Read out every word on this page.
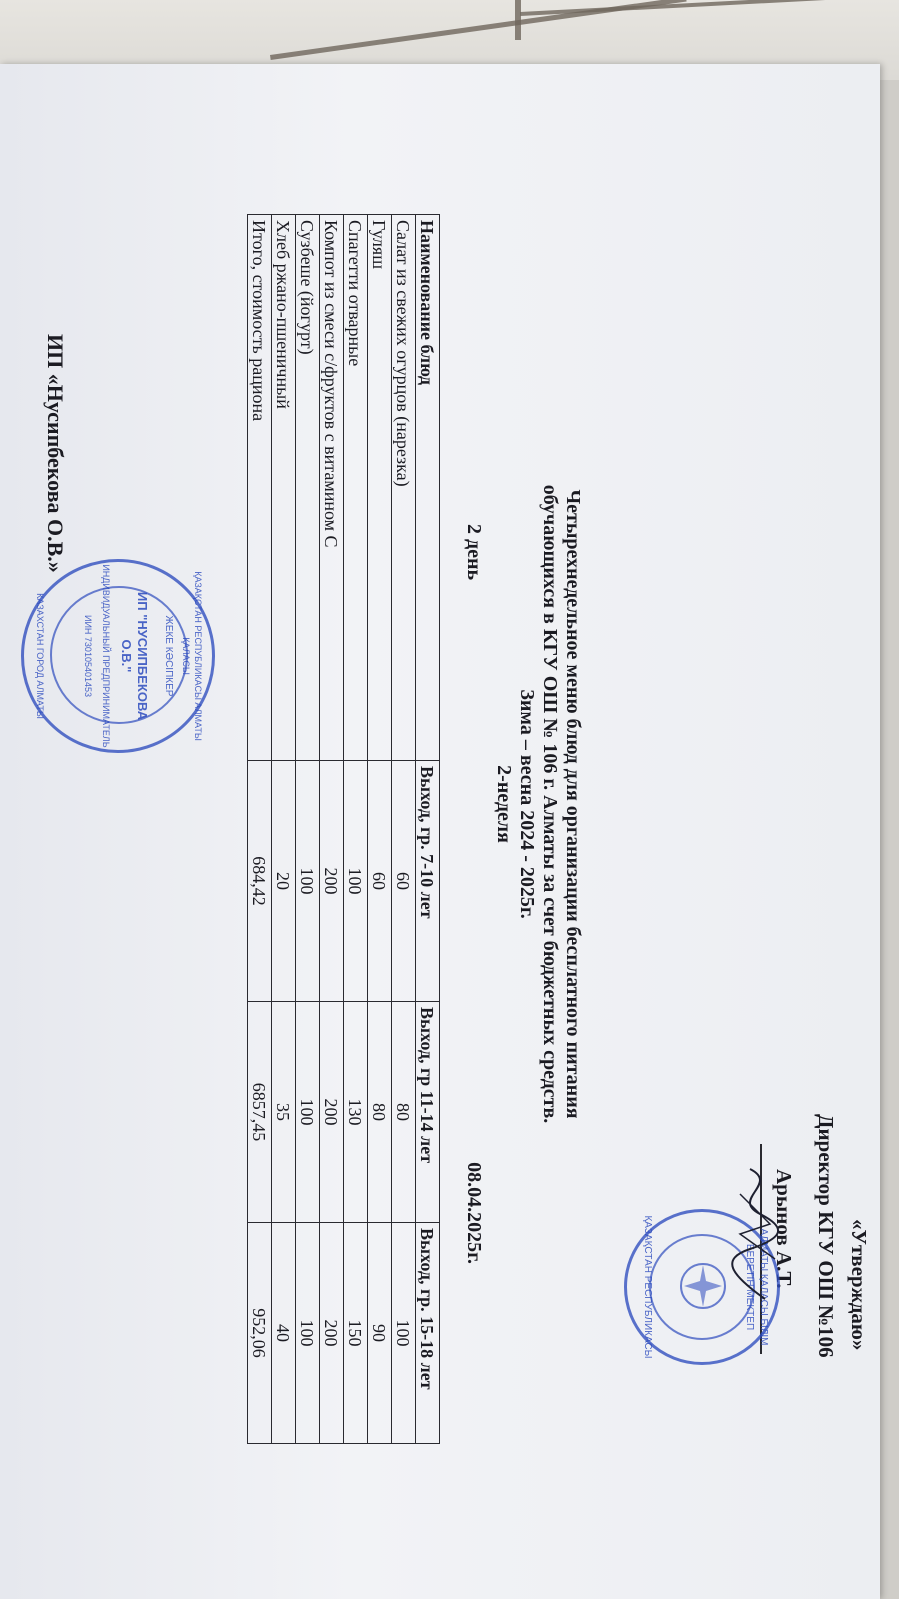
«Утверждаю»
Директор КГУ ОШ №106
Арынов А.Т.
АЛМАТЫ ҚАЛАСЫ БІЛІМ
БЕРЕТІН МЕКТЕП
ҚАЗАҚСТАН РЕСПУБЛИКАСЫ
Четырехнедельное меню блюд для организации бесплатного питания
обучающихся в КГУ ОШ № 106 г. Алматы за счет бюджетных средств.
Зима – весна 2024 - 2025г.
2-неделя
2 день
08.04.2025г.
Наименование блюд	Выход, гр. 7-10 лет	Выход, гр 11-14 лет	Выход, гр. 15-18 лет
Салат из свежих огурцов (нарезка)	60	80	100
Гуляш	60	80	90
Спагетти отварные	100	130	150
Компот из смеси с/фруктов с витамином С	200	200	200
Сузбеше (йогурт)	100	100	100
Хлеб ржано-пшеничный	20	35	40
Итого, стоимость рациона	684,42	6857,45	952,06
ИП «Нусипбекова О.В.»
ҚАЗАҚСТАН РЕСПУБЛИКАСЫ АЛМАТЫ ҚАЛАСЫ
ЖЕКЕ КӘСІПКЕР
ИП "НУСИПБЕКОВА
О.В."
ИНДИВИДУАЛЬНЫЙ ПРЕДПРИНИМАТЕЛЬ
ИИН 730105401453
КАЗАХСТАН ГОРОД АЛМАТЫ
